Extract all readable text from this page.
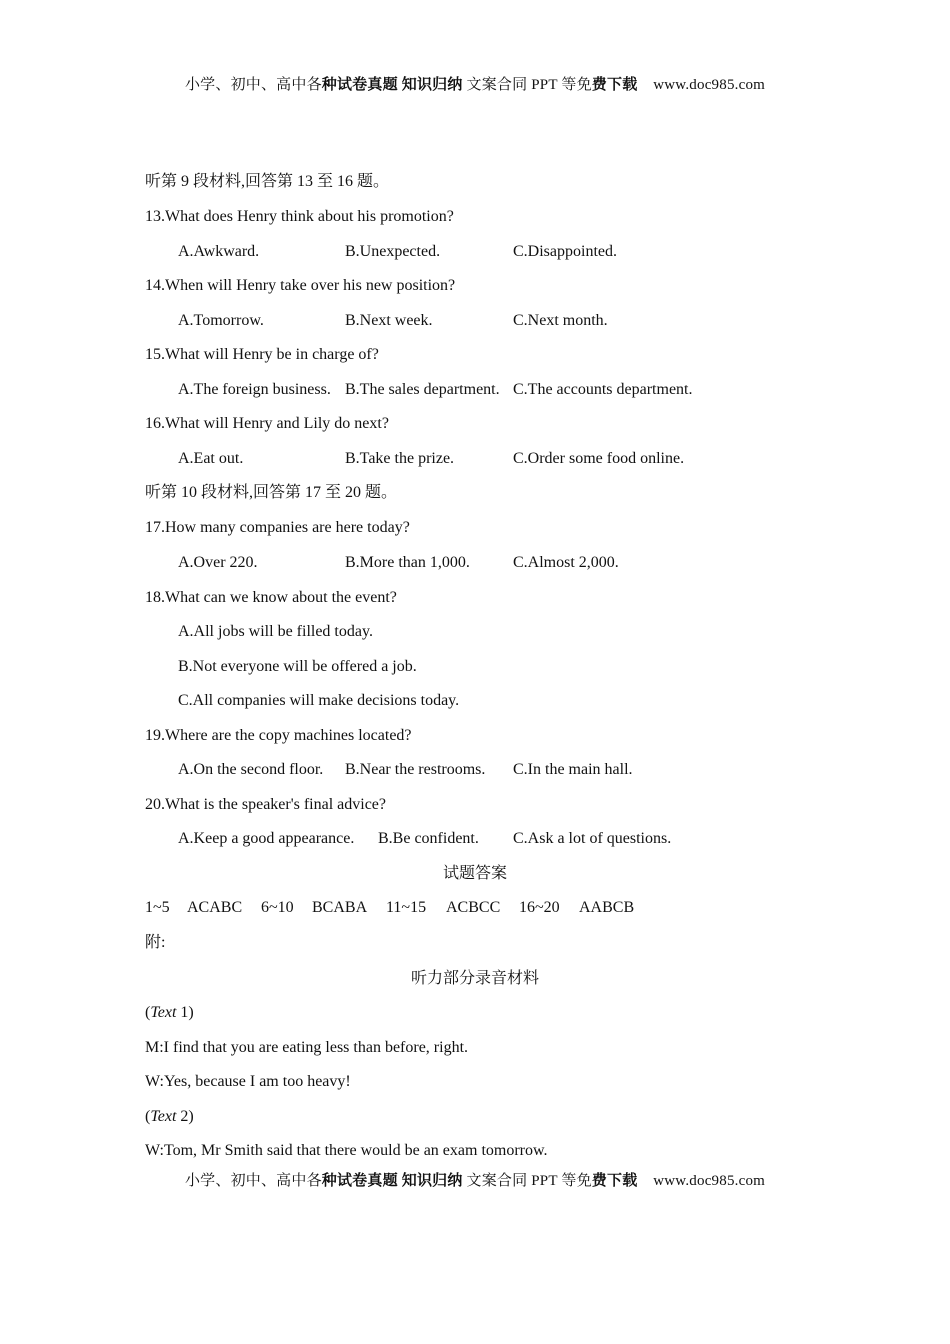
小学、初中、高中各种试卷真题 知识归纳 文案合同 PPT 等免费下载 www.doc985.com
听第 9 段材料,回答第 13 至 16 题。
13.What does Henry think about his promotion?
A.Awkward.	B.Unexpected.	C.Disappointed.
14.When will Henry take over his new position?
A.Tomorrow.	B.Next week.	C.Next month.
15.What will Henry be in charge of?
A.The foreign business. B.The sales department. C.The accounts department.
16.What will Henry and Lily do next?
A.Eat out.	B.Take the prize.	C.Order some food online.
听第 10 段材料,回答第 17 至 20 题。
17.How many companies are here today?
A.Over 220.	B.More than 1,000.	C.Almost 2,000.
18.What can we know about the event?
A.All jobs will be filled today.
B.Not everyone will be offered a job.
C.All companies will make decisions today.
19.Where are the copy machines located?
A.On the second floor. B.Near the restrooms. C.In the main hall.
20.What is the speaker's final advice?
A.Keep a good appearance. B.Be confident. C.Ask a lot of questions.
试题答案
1~5 ACABC 6~10 BCABA 11~15 ACBCC 16~20 AABCB
附:
听力部分录音材料
(Text 1)
M:I find that you are eating less than before, right.
W:Yes, because I am too heavy!
(Text 2)
W:Tom, Mr Smith said that there would be an exam tomorrow.
小学、初中、高中各种试卷真题 知识归纳 文案合同 PPT 等免费下载 www.doc985.com
